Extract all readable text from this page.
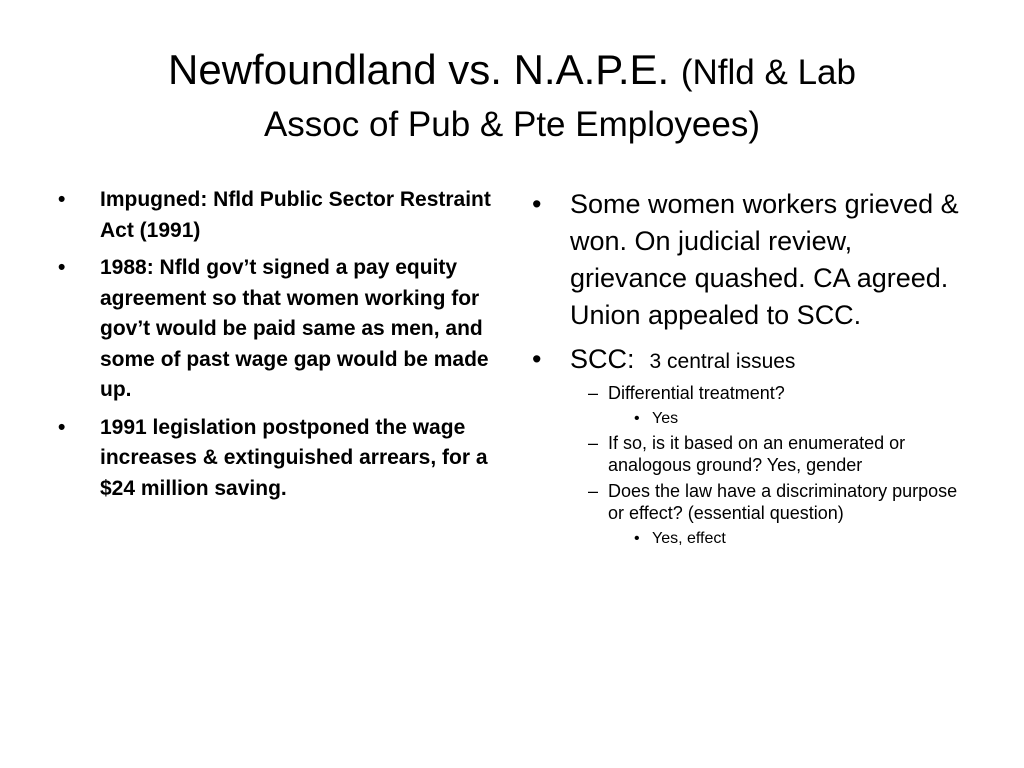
Newfoundland vs. N.A.P.E. (Nfld & Lab
Assoc of Pub & Pte Employees)
• Impugned: Nfld Public Sector Restraint Act (1991)
• 1988: Nfld gov’t signed a pay equity agreement so that women working for gov’t would be paid same as men, and some of past wage gap would be made up.
• 1991 legislation postponed the wage increases & extinguished arrears, for a $24 million saving.
• Some women workers grieved & won. On judicial review, grievance quashed. CA agreed. Union appealed to SCC.
• SCC: 3 central issues
– Differential treatment?
• Yes
– If so, is it based on an enumerated or analogous ground? Yes, gender
– Does the law have a discriminatory purpose or effect? (essential question)
• Yes, effect
